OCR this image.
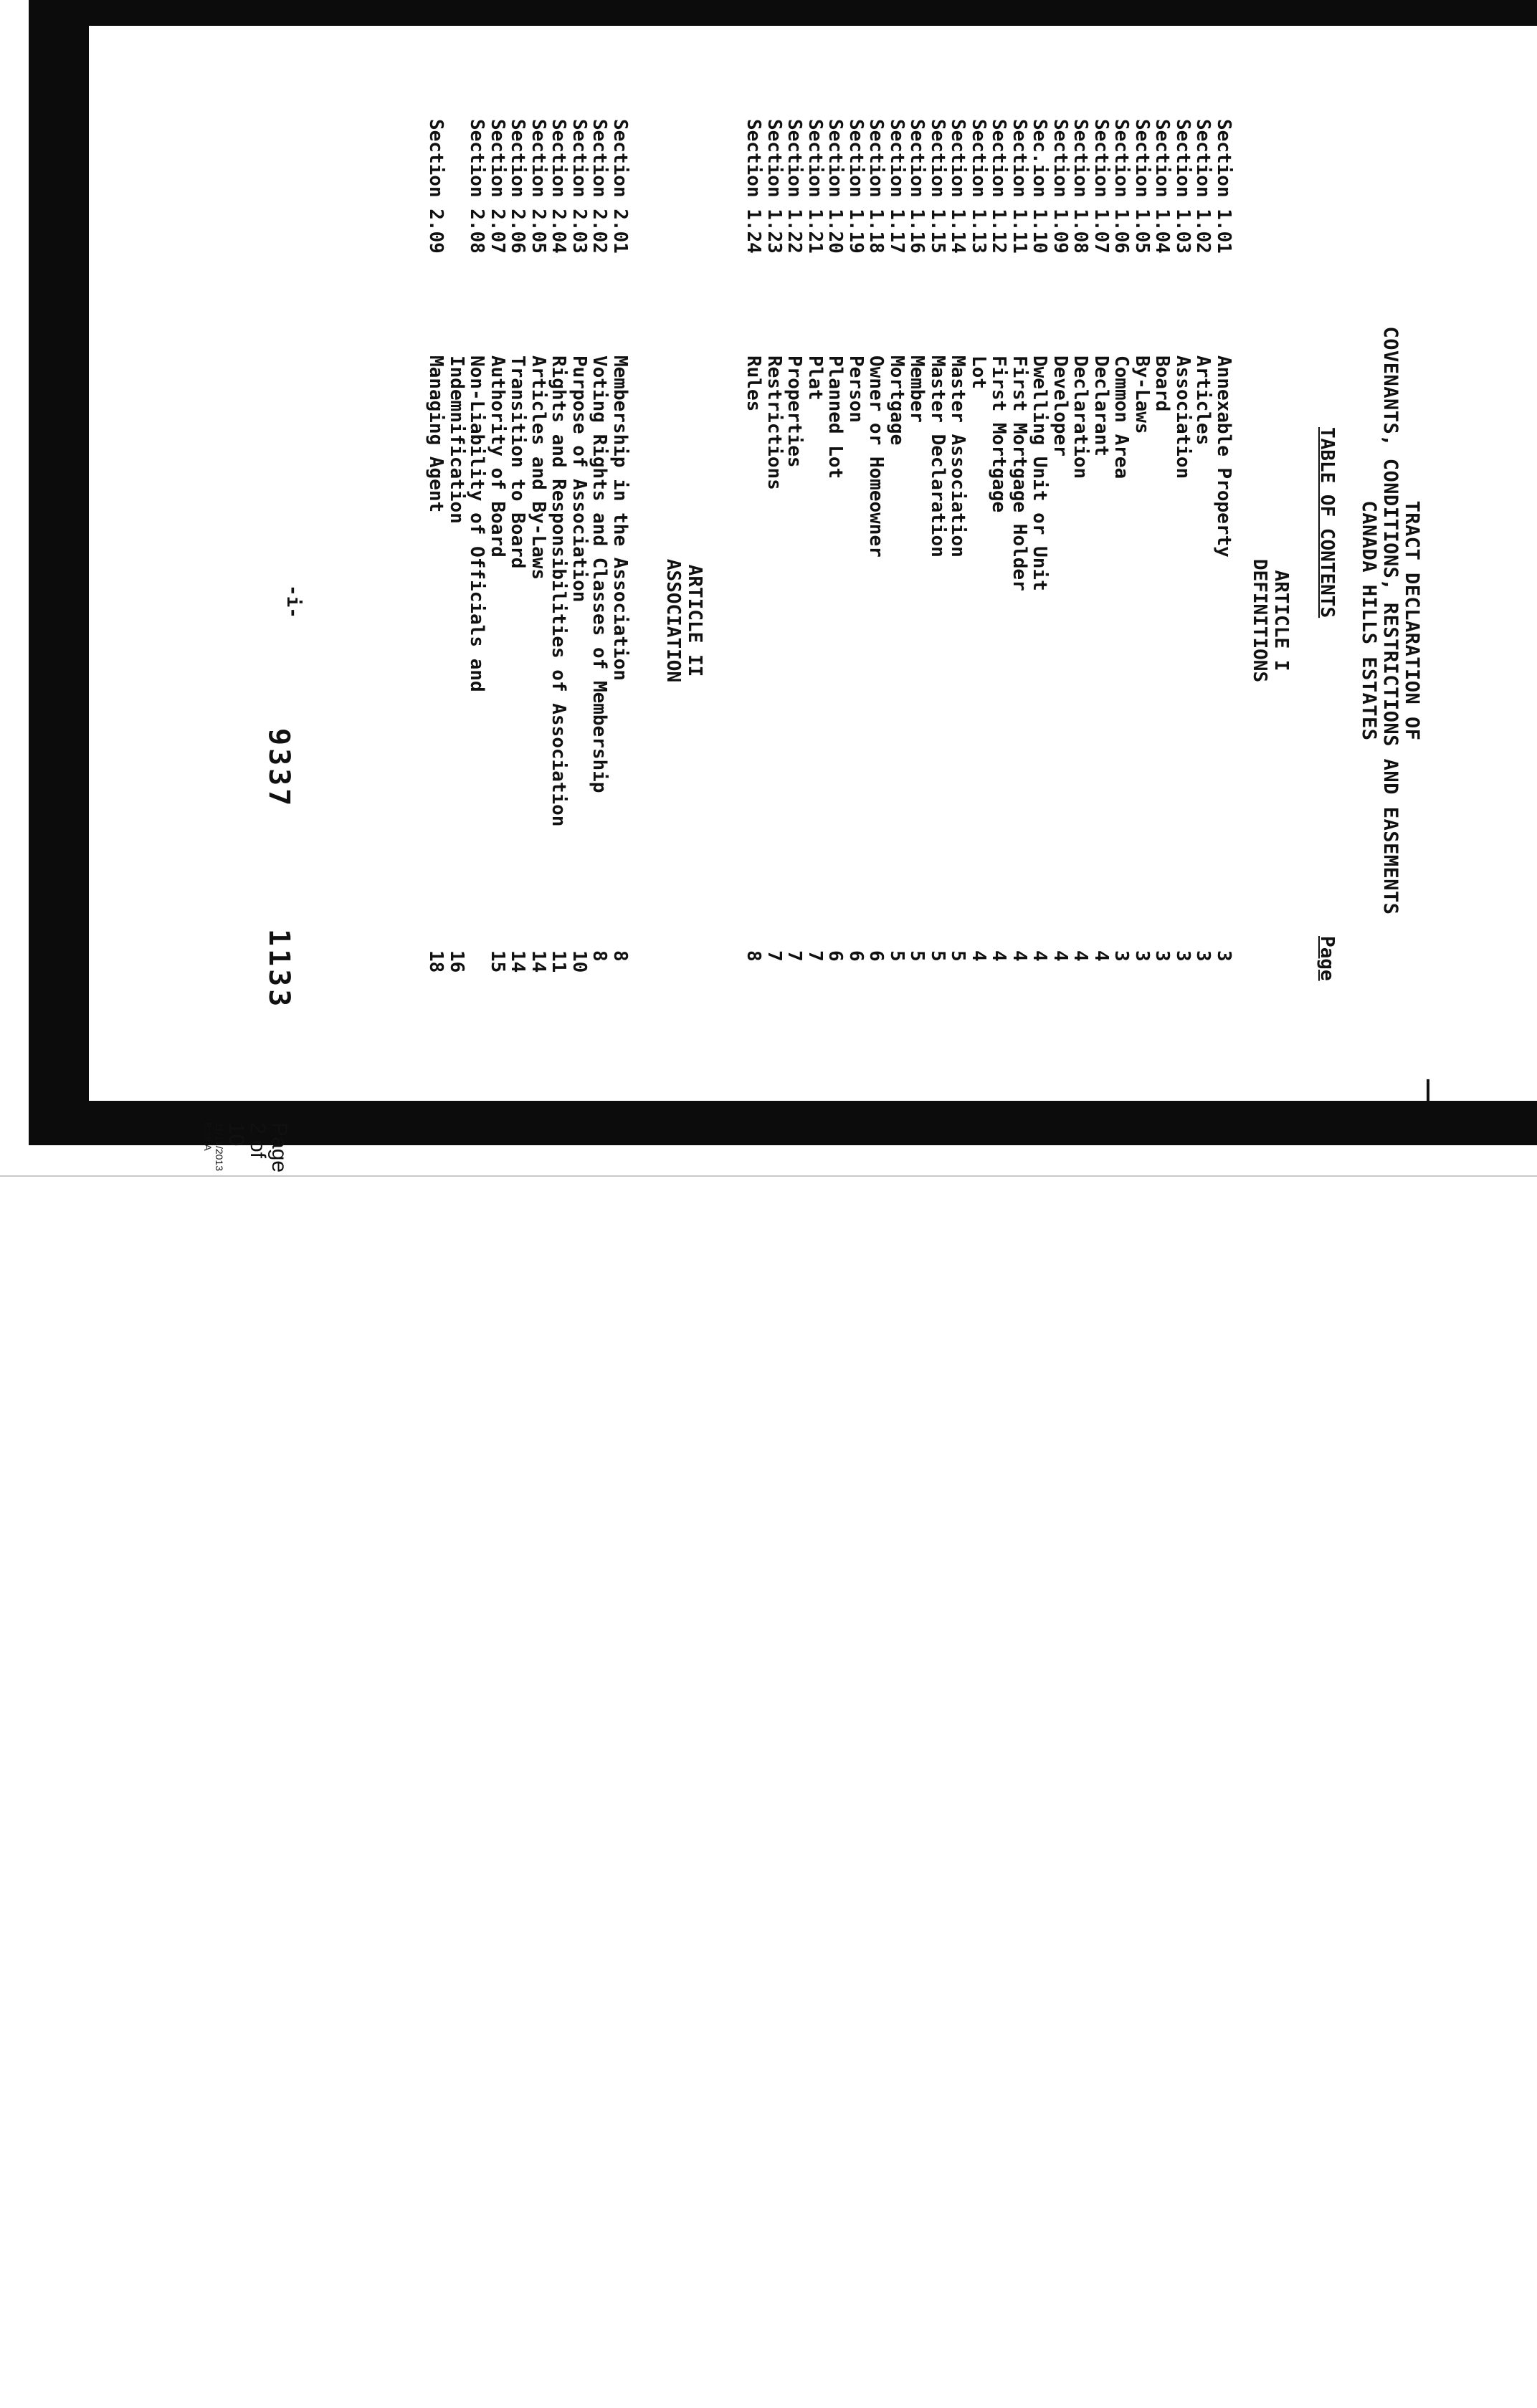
TRACT DECLARATION OF
COVENANTS, CONDITIONS, RESTRICTIONS AND EASEMENTS
CANADA HILLS ESTATES
TABLE OF CONTENTS
Page
ARTICLE I
DEFINITIONS
Section 1.01
Annexable Property
3
Section 1.02
Articles
3
Section 1.03
Association
3
Section 1.04
Board
3
Section 1.05
By-Laws
3
Section 1.06
Common Area
3
Section 1.07
Declarant
4
Section 1.08
Declaration
4
Section 1.09
Developer
4
Sec.ion 1.10
Dwelling Unit or Unit
4
Section 1.11
First Mortgage Holder
4
Section 1.12
First Mortgage
4
Section 1.13
Lot
4
Section 1.14
Master Association
5
Section 1.15
Master Declaration
5
Section 1.16
Member
5
Section 1.17
Mortgage
5
Section 1.18
Owner or Homeowner
6
Section 1.19
Person
6
Section 1.20
Planned Lot
6
Section 1.21
Plat
7
Section 1.22
Properties
7
Section 1.23
Restrictions
7
Section 1.24
Rules
8
ARTICLE II
ASSOCIATION
Section 2.01
Membership in the Association
8
Section 2.02
Voting Rights and Classes of Membership
8
Section 2.03
Purpose of Association
10
Section 2.04
Rights and Responsibilities of Association
11
Section 2.05
Articles and By-Laws
14
Section 2.06
Transition to Board
14
Section 2.07
Authority of Board
15
Section 2.08
Non-Liability of Officials and
Indemnification
16
Section 2.09
Managing Agent
18
-i-
9337
1133
Page 2 of 10
11/11/2013 8:38 A
